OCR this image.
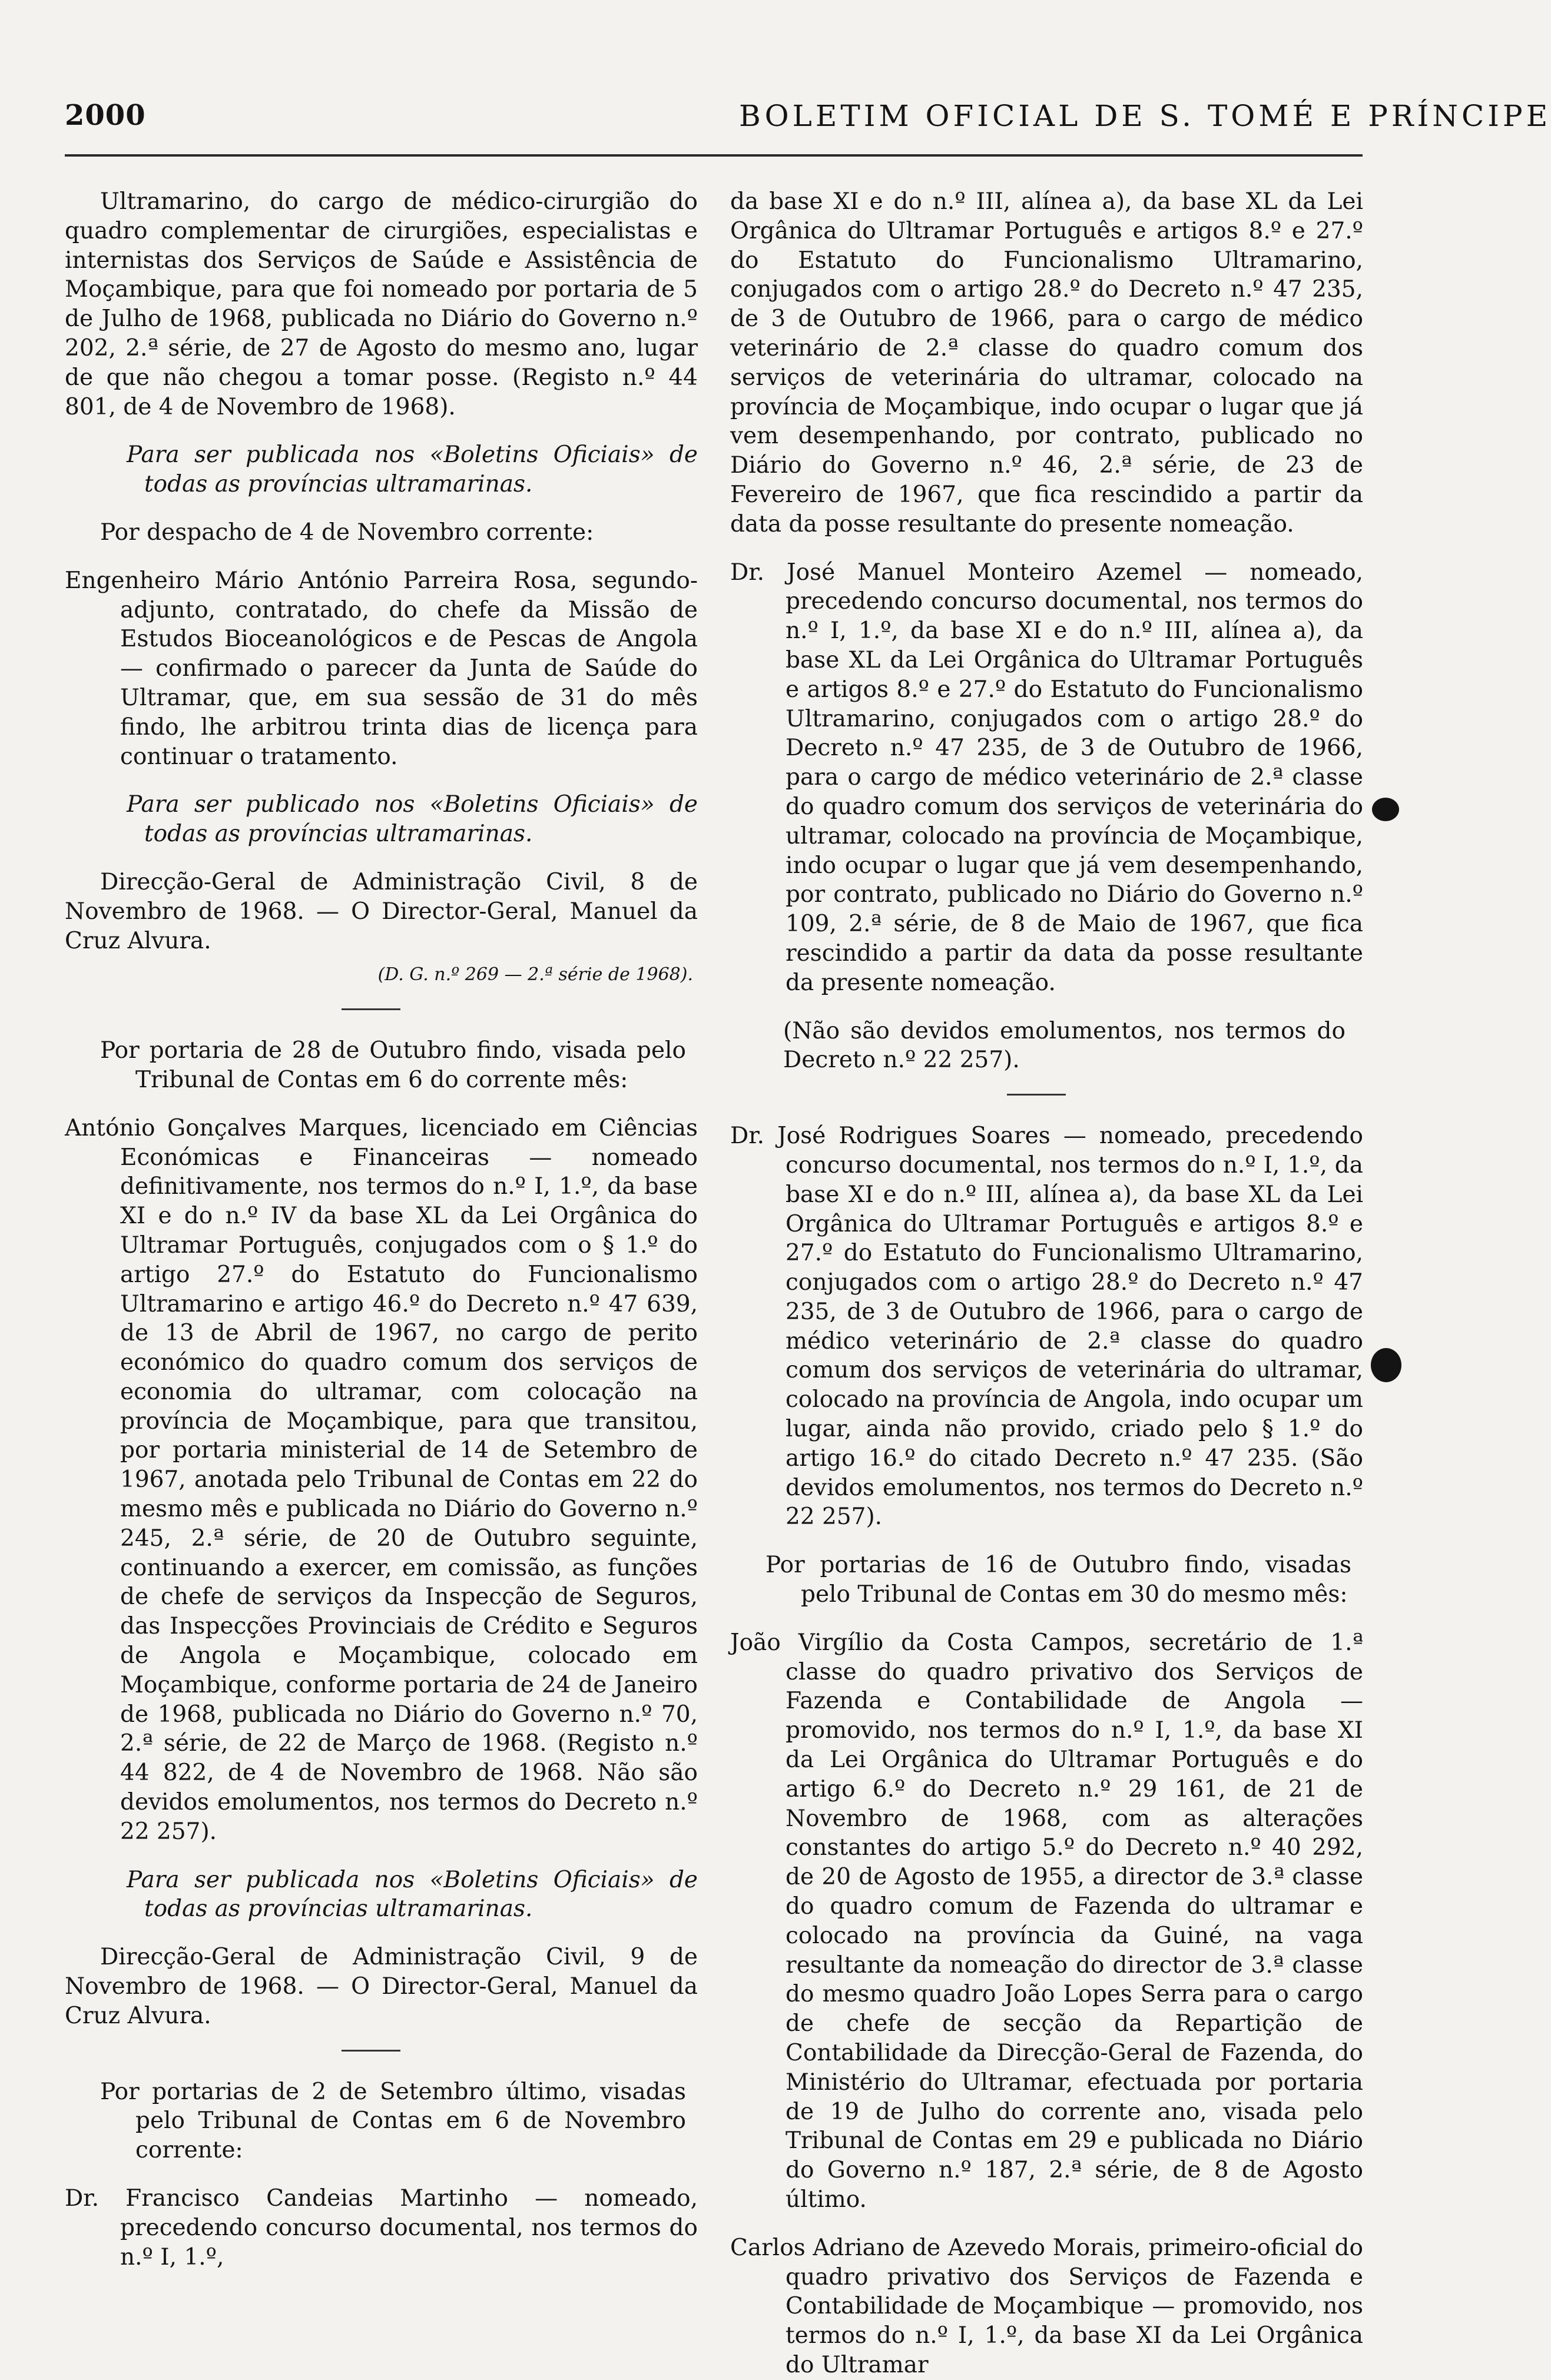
2000	BOLETIM OFICIAL DE S. TOMÉ E PRÍNCIPE

Ultramarino, do cargo de médico-cirurgião do quadro complementar de cirurgiões, especialistas e internistas dos Serviços de Saúde e Assistência de Moçambique, para que foi nomeado por portaria de 5 de Julho de 1968, publicada no Diário do Governo n.º 202, 2.ª série, de 27 de Agosto do mesmo ano, lugar de que não chegou a tomar posse. (Registo n.º 44 801, de 4 de Novembro de 1968).

Para ser publicada nos «Boletins Oficiais» de todas as províncias ultramarinas.

Por despacho de 4 de Novembro corrente:

Engenheiro Mário António Parreira Rosa, segundo-adjunto, contratado, do chefe da Missão de Estudos Bioceanológicos e de Pescas de Angola — confirmado o parecer da Junta de Saúde do Ultramar, que, em sua sessão de 31 do mês findo, lhe arbitrou trinta dias de licença para continuar o tratamento.

Para ser publicado nos «Boletins Oficiais» de todas as províncias ultramarinas.

Direcção-Geral de Administração Civil, 8 de Novembro de 1968. — O Director-Geral, Manuel da Cruz Alvura.

(D. G. n.º 269 — 2.ª série de 1968).

Por portaria de 28 de Outubro findo, visada pelo Tribunal de Contas em 6 do corrente mês:

António Gonçalves Marques, licenciado em Ciências Económicas e Financeiras — nomeado definitivamente, nos termos do n.º I, 1.º, da base XI e do n.º IV da base XL da Lei Orgânica do Ultramar Português, conjugados com o § 1.º do artigo 27.º do Estatuto do Funcionalismo Ultramarino e artigo 46.º do Decreto n.º 47 639, de 13 de Abril de 1967, no cargo de perito económico do quadro comum dos serviços de economia do ultramar, com colocação na província de Moçambique, para que transitou, por portaria ministerial de 14 de Setembro de 1967, anotada pelo Tribunal de Contas em 22 do mesmo mês e publicada no Diário do Governo n.º 245, 2.ª série, de 20 de Outubro seguinte, continuando a exercer, em comissão, as funções de chefe de serviços da Inspecção de Seguros, das Inspecções Provinciais de Crédito e Seguros de Angola e Moçambique, colocado em Moçambique, conforme portaria de 24 de Janeiro de 1968, publicada no Diário do Governo n.º 70, 2.ª série, de 22 de Março de 1968. (Registo n.º 44 822, de 4 de Novembro de 1968. Não são devidos emolumentos, nos termos do Decreto n.º 22 257).

Para ser publicada nos «Boletins Oficiais» de todas as províncias ultramarinas.

Direcção-Geral de Administração Civil, 9 de Novembro de 1968. — O Director-Geral, Manuel da Cruz Alvura.

Por portarias de 2 de Setembro último, visadas pelo Tribunal de Contas em 6 de Novembro corrente:

Dr. Francisco Candeias Martinho — nomeado, precedendo concurso documental, nos termos do n.º I, 1.º,

da base XI e do n.º III, alínea a), da base XL da Lei Orgânica do Ultramar Português e artigos 8.º e 27.º do Estatuto do Funcionalismo Ultramarino, conjugados com o artigo 28.º do Decreto n.º 47 235, de 3 de Outubro de 1966, para o cargo de médico veterinário de 2.ª classe do quadro comum dos serviços de veterinária do ultramar, colocado na província de Moçambique, indo ocupar o lugar que já vem desempenhando, por contrato, publicado no Diário do Governo n.º 46, 2.ª série, de 23 de Fevereiro de 1967, que fica rescindido a partir da data da posse resultante do presente nomeação.

Dr. José Manuel Monteiro Azemel — nomeado, precedendo concurso documental, nos termos do n.º I, 1.º, da base XI e do n.º III, alínea a), da base XL da Lei Orgânica do Ultramar Português e artigos 8.º e 27.º do Estatuto do Funcionalismo Ultramarino, conjugados com o artigo 28.º do Decreto n.º 47 235, de 3 de Outubro de 1966, para o cargo de médico veterinário de 2.ª classe do quadro comum dos serviços de veterinária do ultramar, colocado na província de Moçambique, indo ocupar o lugar que já vem desempenhando, por contrato, publicado no Diário do Governo n.º 109, 2.ª série, de 8 de Maio de 1967, que fica rescindido a partir da data da posse resultante da presente nomeação.

(Não são devidos emolumentos, nos termos do Decreto n.º 22 257).

Dr. José Rodrigues Soares — nomeado, precedendo concurso documental, nos termos do n.º I, 1.º, da base XI e do n.º III, alínea a), da base XL da Lei Orgânica do Ultramar Português e artigos 8.º e 27.º do Estatuto do Funcionalismo Ultramarino, conjugados com o artigo 28.º do Decreto n.º 47 235, de 3 de Outubro de 1966, para o cargo de médico veterinário de 2.ª classe do quadro comum dos serviços de veterinária do ultramar, colocado na província de Angola, indo ocupar um lugar, ainda não provido, criado pelo § 1.º do artigo 16.º do citado Decreto n.º 47 235. (São devidos emolumentos, nos termos do Decreto n.º 22 257).

Por portarias de 16 de Outubro findo, visadas pelo Tribunal de Contas em 30 do mesmo mês:

João Virgílio da Costa Campos, secretário de 1.ª classe do quadro privativo dos Serviços de Fazenda e Contabilidade de Angola — promovido, nos termos do n.º I, 1.º, da base XI da Lei Orgânica do Ultramar Português e do artigo 6.º do Decreto n.º 29 161, de 21 de Novembro de 1968, com as alterações constantes do artigo 5.º do Decreto n.º 40 292, de 20 de Agosto de 1955, a director de 3.ª classe do quadro comum de Fazenda do ultramar e colocado na província da Guiné, na vaga resultante da nomeação do director de 3.ª classe do mesmo quadro João Lopes Serra para o cargo de chefe de secção da Repartição de Contabilidade da Direcção-Geral de Fazenda, do Ministério do Ultramar, efectuada por portaria de 19 de Julho do corrente ano, visada pelo Tribunal de Contas em 29 e publicada no Diário do Governo n.º 187, 2.ª série, de 8 de Agosto último.

Carlos Adriano de Azevedo Morais, primeiro-oficial do quadro privativo dos Serviços de Fazenda e Contabilidade de Moçambique — promovido, nos termos do n.º I, 1.º, da base XI da Lei Orgânica do Ultramar
